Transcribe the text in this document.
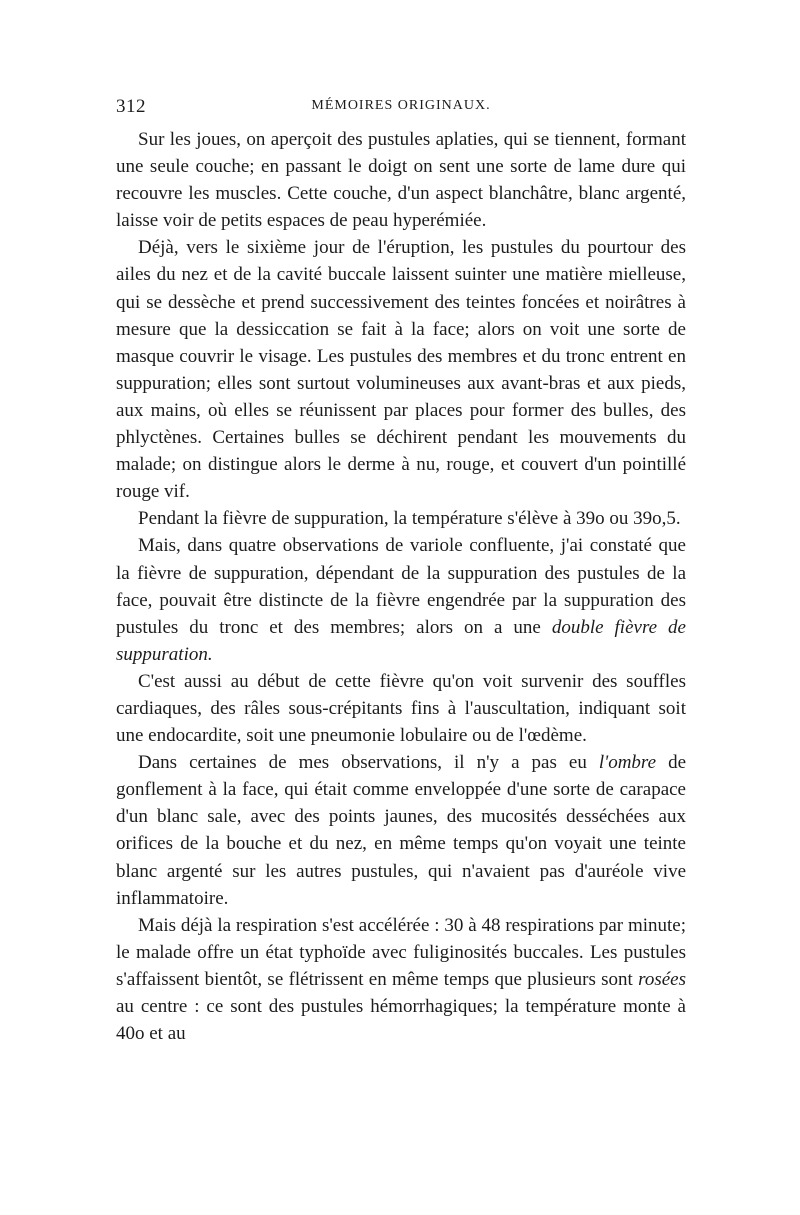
312	MÉMOIRES ORIGINAUX.

Sur les joues, on aperçoit des pustules aplaties, qui se tiennent, formant une seule couche; en passant le doigt on sent une sorte de lame dure qui recouvre les muscles. Cette couche, d'un aspect blanchâtre, blanc argenté, laisse voir de petits espaces de peau hyperémiée.

Déjà, vers le sixième jour de l'éruption, les pustules du pourtour des ailes du nez et de la cavité buccale laissent suinter une matière mielleuse, qui se dessèche et prend successivement des teintes foncées et noirâtres à mesure que la dessiccation se fait à la face; alors on voit une sorte de masque couvrir le visage. Les pustules des membres et du tronc entrent en suppuration; elles sont surtout volumineuses aux avant-bras et aux pieds, aux mains, où elles se réunissent par places pour former des bulles, des phlyctènes. Certaines bulles se déchirent pendant les mouvements du malade; on distingue alors le derme à nu, rouge, et couvert d'un pointillé rouge vif.

Pendant la fièvre de suppuration, la température s'élève à 39o ou 39o,5.

Mais, dans quatre observations de variole confluente, j'ai constaté que la fièvre de suppuration, dépendant de la suppuration des pustules de la face, pouvait être distincte de la fièvre engendrée par la suppuration des pustules du tronc et des membres; alors on a une double fièvre de suppuration.

C'est aussi au début de cette fièvre qu'on voit survenir des souffles cardiaques, des râles sous-crépitants fins à l'auscultation, indiquant soit une endocardite, soit une pneumonie lobulaire ou de l'œdème.

Dans certaines de mes observations, il n'y a pas eu l'ombre de gonflement à la face, qui était comme enveloppée d'une sorte de carapace d'un blanc sale, avec des points jaunes, des mucosités desséchées aux orifices de la bouche et du nez, en même temps qu'on voyait une teinte blanc argenté sur les autres pustules, qui n'avaient pas d'auréole vive inflammatoire.

Mais déjà la respiration s'est accélérée : 30 à 48 respirations par minute; le malade offre un état typhoïde avec fuliginosités buccales. Les pustules s'affaissent bientôt, se flétrissent en même temps que plusieurs sont rosées au centre : ce sont des pustules hémorrhagiques; la température monte à 40o et au
